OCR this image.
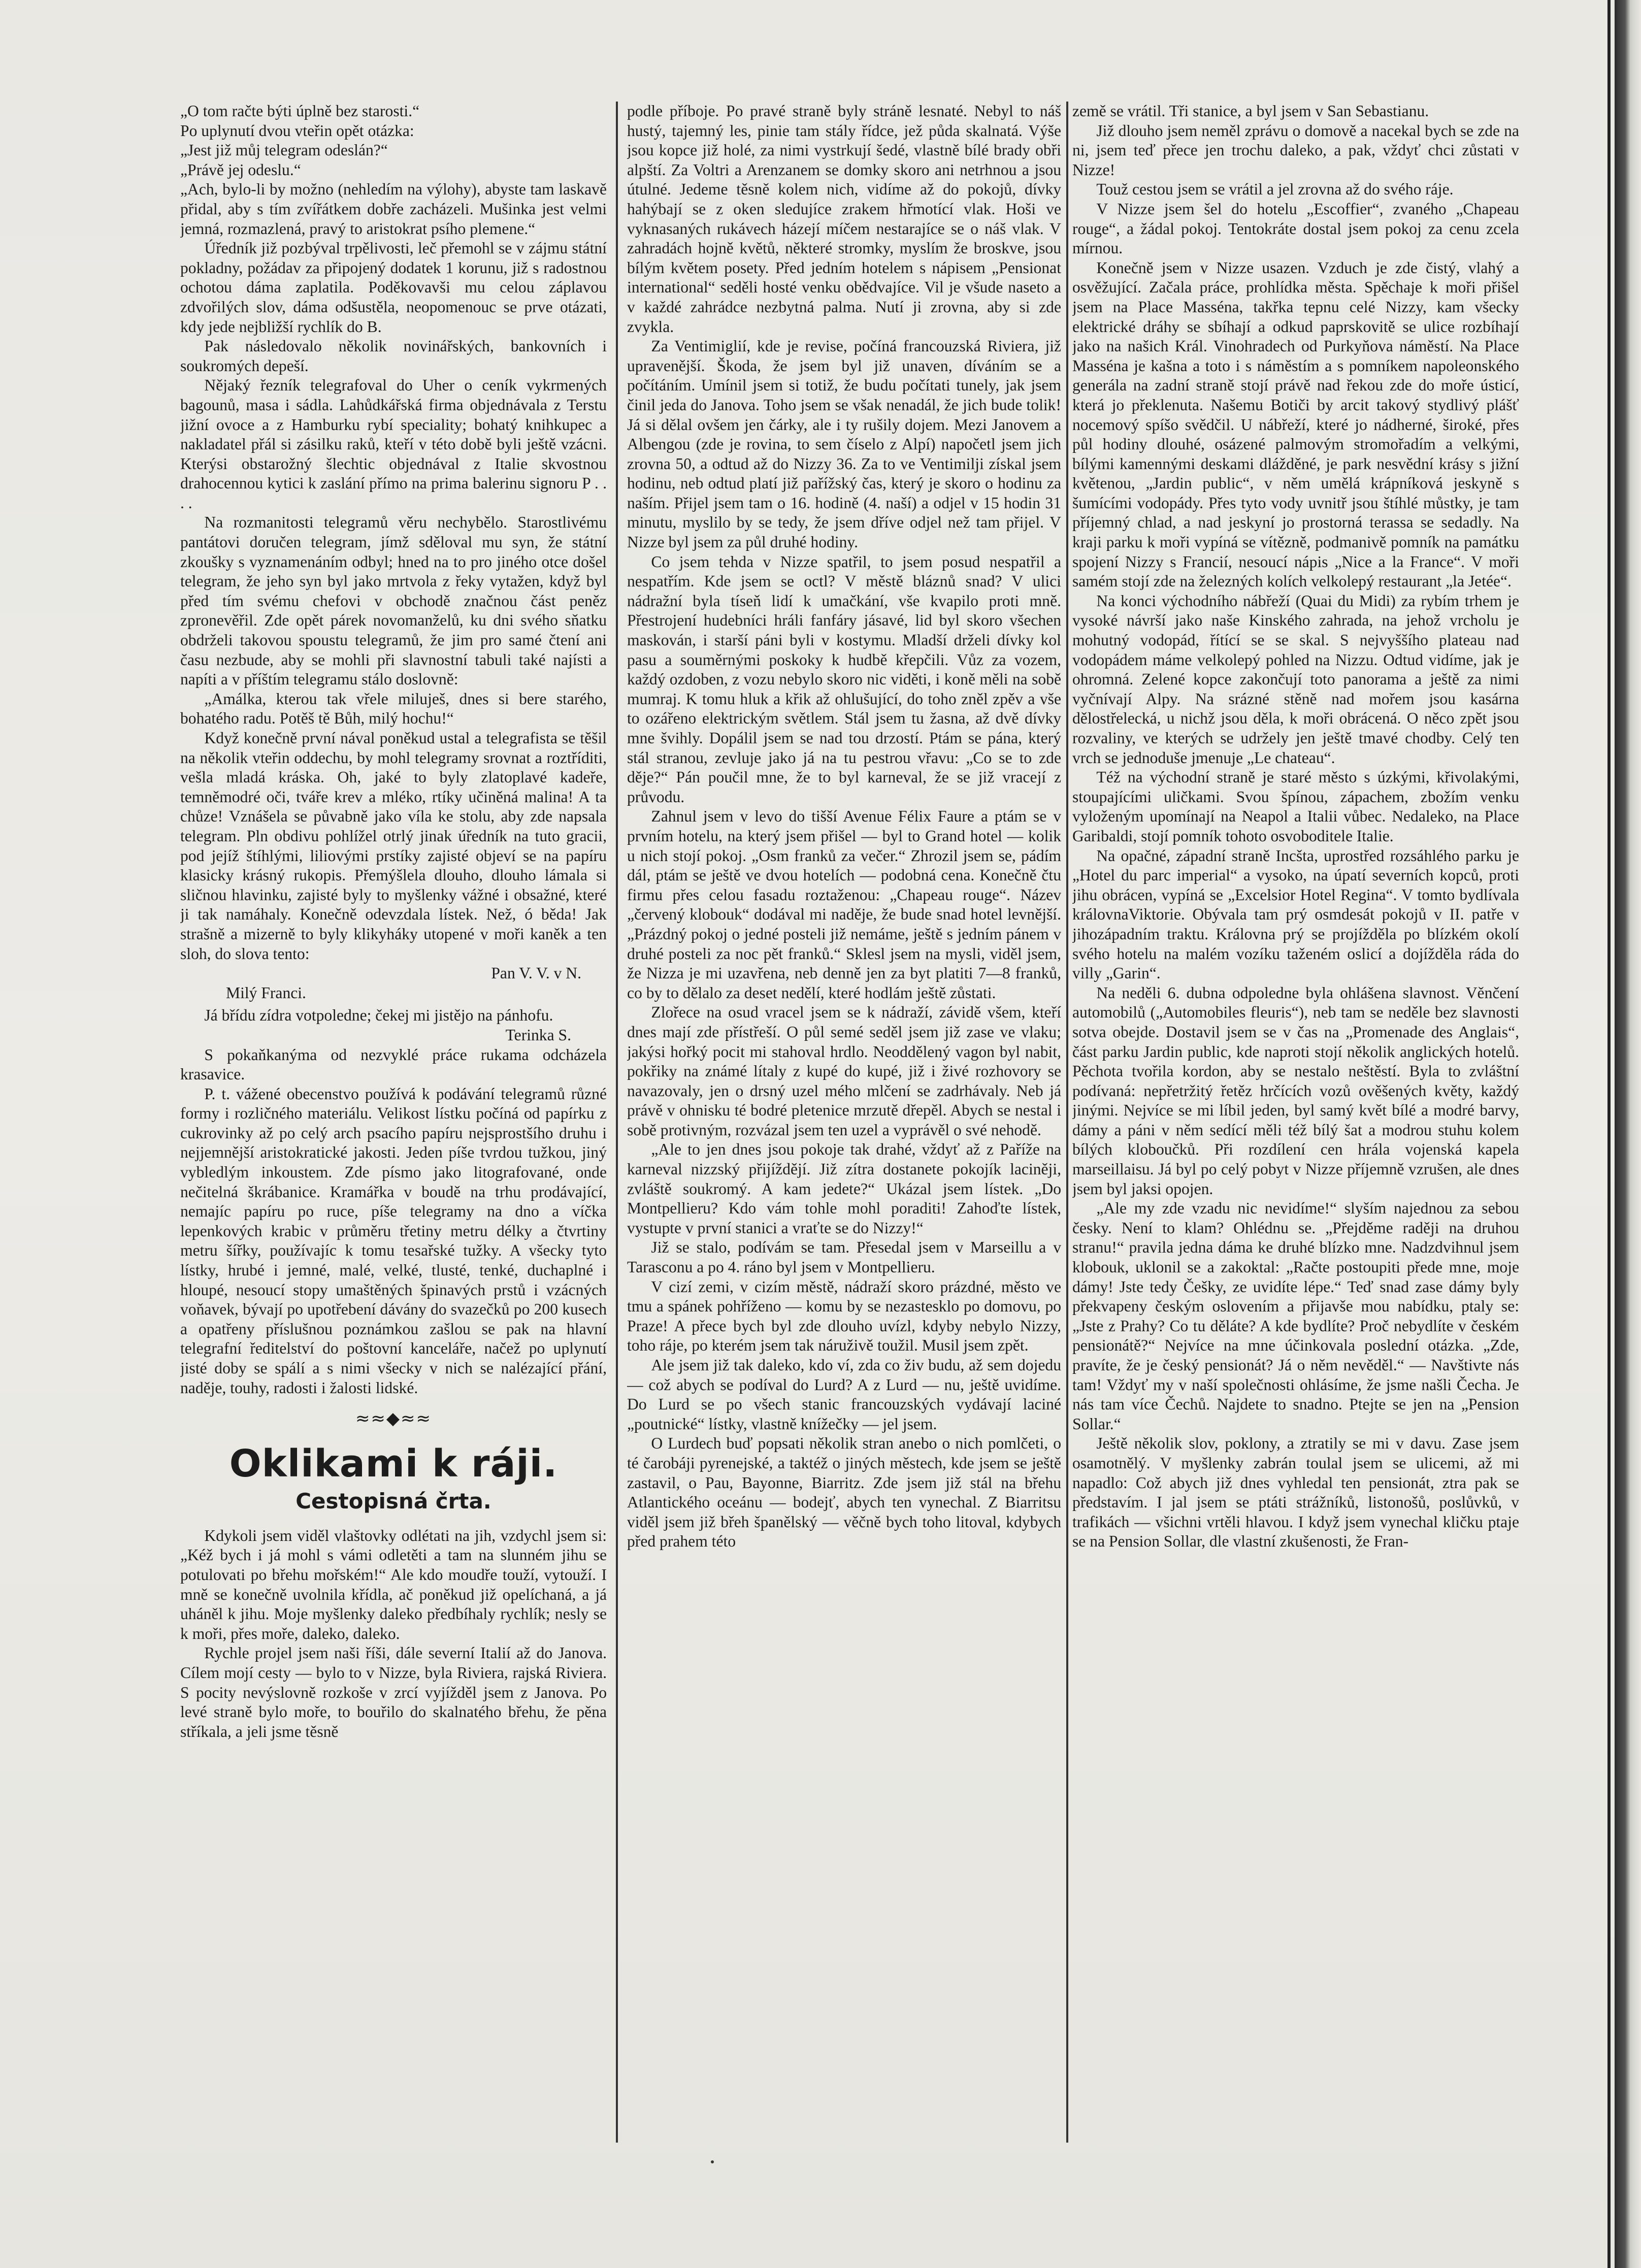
„O tom račte býti úplně bez starosti.“

Po uplynutí dvou vteřin opět otázka:

„Jest již můj telegram odeslán?“

„Právě jej odeslu.“

„Ach, bylo-li by možno (nehledím na výlohy), abyste tam laskavě přidal, aby s tím zvířátkem dobře zacházeli. Mušinka jest velmi jemná, rozmazlená, pravý to aristokrat psího plemene.“

Úředník již pozbýval trpělivosti, leč přemohl se v zájmu státní pokladny, požádav za připojený dodatek 1 korunu, již s radostnou ochotou dáma zaplatila. Poděkovavši mu celou záplavou zdvořilých slov, dáma odšustěla, neopomenouc se prve otázati, kdy jede nejbližší rychlík do B.

Pak následovalo několik novinářských, bankovních i soukromých depeší.

Nějaký řezník telegrafoval do Uher o ceník vykrmených bagounů, masa i sádla. Lahůdkářská firma objednávala z Terstu jižní ovoce a z Hamburku rybí speciality; bohatý knihkupec a nakladatel přál si zásilku raků, kteří v této době byli ještě vzácni. Kterýsi obstarožný šlechtic objednával z Italie skvostnou drahocennou kytici k zaslání přímo na prima balerinu signoru P . . . .

Na rozmanitosti telegramů věru nechybělo. Starostlivému pantátovi doručen telegram, jímž sděloval mu syn, že státní zkoušky s vyznamenáním odbyl; hned na to pro jiného otce došel telegram, že jeho syn byl jako mrtvola z řeky vytažen, když byl před tím svému chefovi v obchodě značnou část peněz zpronevěřil. Zde opět párek novomanželů, ku dni svého sňatku obdrželi takovou spoustu telegramů, že jim pro samé čtení ani času nezbude, aby se mohli při slavnostní tabuli také najísti a napíti a v příštím telegramu stálo doslovně:

„Amálka, kterou tak vřele miluješ, dnes si bere starého, bohatého radu. Potěš tě Bůh, milý hochu!“

Když konečně první nával poněkud ustal a telegrafista se těšil na několik vteřin oddechu, by mohl telegramy srovnat a roztříditi, vešla mladá kráska. Oh, jaké to byly zlatoplavé kadeře, temněmodré oči, tváře krev a mléko, rtíky učiněná malina! A ta chůze! Vznášela se půvabně jako víla ke stolu, aby zde napsala telegram. Pln obdivu pohlížel otrlý jinak úředník na tuto gracii, pod jejíž štíhlými, liliovými prstíky zajisté objeví se na papíru klasicky krásný rukopis. Přemýšlela dlouho, dlouho lámala si sličnou hlavinku, zajisté byly to myšlenky vážné i obsažné, které ji tak namáhaly. Konečně odevzdala lístek. Než, ó běda! Jak strašně a mizerně to byly klikyháky utopené v moři kaněk a ten sloh, do slova tento:

Pan V. V. v N.

Milý Franci.

Já břídu zídra votpoledne; čekej mi jistějo na pánhofu.

Terinka S.

S pokaňkanýma od nezvyklé práce rukama odcházela krasavice.

P. t. vážené obecenstvo používá k podávání telegramů různé formy i rozličného materiálu. Velikost lístku počíná od papírku z cukrovinky až po celý arch psacího papíru nejsprostšího druhu i nejjemnější aristokratické jakosti. Jeden píše tvrdou tužkou, jiný vybledlým inkoustem. Zde písmo jako litografované, onde nečitelná škrábanice. Kramářka v boudě na trhu prodávající, nemajíc papíru po ruce, píše telegramy na dno a víčka lepenkových krabic v průměru třetiny metru délky a čtvrtiny metru šířky, používajíc k tomu tesařské tužky. A všecky tyto lístky, hrubé i jemné, malé, velké, tlusté, tenké, duchaplné i hloupé, nesoucí stopy umaštěných špinavých prstů i vzácných voňavek, bývají po upotřebení dávány do svazečků po 200 kusech a opatřeny příslušnou poznámkou zašlou se pak na hlavní telegrafní ředitelství do poštovní kanceláře, načež po uplynutí jisté doby se spálí a s nimi všecky v nich se nalézající přání, naděje, touhy, radosti i žalosti lidské.

≈≈◆≈≈
Oklikami k ráji.
Cestopisná črta.

Kdykoli jsem viděl vlaštovky odlétati na jih, vzdychl jsem si: „Kéž bych i já mohl s vámi odletěti a tam na slunném jihu se potulovati po břehu mořském!“ Ale kdo moudře touží, vytouží. I mně se konečně uvolnila křídla, ač poněkud již opelíchaná, a já uháněl k jihu. Moje myšlenky daleko předbíhaly rychlík; nesly se k moři, přes moře, daleko, daleko.

Rychle projel jsem naši říši, dále severní Italií až do Janova. Cílem mojí cesty — bylo to v Nizze, byla Riviera, rajská Riviera. S pocity nevýslovně rozkoše v zrcí vyjížděl jsem z Janova. Po levé straně bylo moře, to bouřilo do skalnatého břehu, že pěna stříkala, a jeli jsme těsně

podle příboje. Po pravé straně byly stráně lesnaté. Nebyl to náš hustý, tajemný les, pinie tam stály řídce, jež půda skalnatá. Výše jsou kopce již holé, za nimi vystrkují šedé, vlastně bílé brady obři alpští. Za Voltri a Arenzanem se domky skoro ani netrhnou a jsou útulné. Jedeme těsně kolem nich, vidíme až do pokojů, dívky hahýbají se z oken sledujíce zrakem hřmotící vlak. Hoši ve vyknasaných rukávech házejí míčem nestarajíce se o náš vlak. V zahradách hojně květů, některé stromky, myslím že broskve, jsou bílým květem posety. Před jedním hotelem s nápisem „Pensionat international“ seděli hosté venku obědvajíce. Vil je všude naseto a v každé zahrádce nezbytná palma. Nutí ji zrovna, aby si zde zvykla.

Za Ventimiglií, kde je revise, počíná francouzská Riviera, již upravenější. Škoda, že jsem byl již unaven, díváním se a počítáním. Umínil jsem si totiž, že budu počítati tunely, jak jsem činil jeda do Janova. Toho jsem se však nenadál, že jich bude tolik! Já si dělal ovšem jen čárky, ale i ty rušily dojem. Mezi Janovem a Albengou (zde je rovina, to sem číselo z Alpí) napočetl jsem jich zrovna 50, a odtud až do Nizzy 36. Za to ve Ventimilji získal jsem hodinu, neb odtud platí již pařížský čas, který je skoro o hodinu za naším. Přijel jsem tam o 16. hodině (4. naší) a odjel v 15 hodin 31 minutu, myslilo by se tedy, že jsem dříve odjel než tam přijel. V Nizze byl jsem za půl druhé hodiny.

Co jsem tehda v Nizze spatřil, to jsem posud nespatřil a nespatřím. Kde jsem se octl? V městě bláznů snad? V ulici nádražní byla tíseň lidí k umačkání, vše kvapilo proti mně. Přestrojení hudebníci hráli fanfáry jásavé, lid byl skoro všechen maskován, i starší páni byli v kostymu. Mladší drželi dívky kol pasu a souměrnými poskoky k hudbě křepčili. Vůz za vozem, každý ozdoben, z vozu nebylo skoro nic viděti, i koně měli na sobě mumraj. K tomu hluk a křik až ohlušující, do toho zněl zpěv a vše to ozářeno elektrickým světlem. Stál jsem tu žasna, až dvě dívky mne švihly. Dopálil jsem se nad tou drzostí. Ptám se pána, který stál stranou, zevluje jako já na tu pestrou vřavu: „Co se to zde děje?“ Pán poučil mne, že to byl karneval, že se již vracejí z průvodu.

Zahnul jsem v levo do tišší Avenue Félix Faure a ptám se v prvním hotelu, na který jsem přišel — byl to Grand hotel — kolik u nich stojí pokoj. „Osm franků za večer.“ Zhrozil jsem se, pádím dál, ptám se ještě ve dvou hotelích — podobná cena. Konečně čtu firmu přes celou fasadu roztaženou: „Chapeau rouge“. Název „červený klobouk“ dodával mi naděje, že bude snad hotel levnější. „Prázdný pokoj o jedné posteli již nemáme, ještě s jedním pánem v druhé posteli za noc pět franků.“ Sklesl jsem na mysli, viděl jsem, že Nizza je mi uzavřena, neb denně jen za byt platiti 7—8 franků, co by to dělalo za deset nedělí, které hodlám ještě zůstati.

Zlořece na osud vracel jsem se k nádraží, závidě všem, kteří dnes mají zde přístřeší. O půl semé seděl jsem již zase ve vlaku; jakýsi hořký pocit mi stahoval hrdlo. Neoddělený vagon byl nabit, pokřiky na známé lítaly z kupé do kupé, již i živé rozhovory se navazovaly, jen o drsný uzel mého mlčení se zadrhávaly. Neb já právě v ohnisku té bodré pletenice mrzutě dřepěl. Abych se nestal i sobě protivným, rozvázal jsem ten uzel a vyprávěl o své nehodě.

„Ale to jen dnes jsou pokoje tak drahé, vždyť až z Paříže na karneval nizzský přijíždějí. Již zítra dostanete pokojík laciněji, zvláště soukromý. A kam jedete?“ Ukázal jsem lístek. „Do Montpellieru? Kdo vám tohle mohl poraditi! Zahoďte lístek, vystupte v první stanici a vraťte se do Nizzy!“

Již se stalo, podívám se tam. Přesedal jsem v Marseillu a v Tarasconu a po 4. ráno byl jsem v Montpellieru.

V cizí zemi, v cizím městě, nádraží skoro prázdné, město ve tmu a spánek pohříženo — komu by se nezastesklo po domovu, po Praze! A přece bych byl zde dlouho uvízl, kdyby nebylo Nizzy, toho ráje, po kterém jsem tak náruživě toužil. Musil jsem zpět.

Ale jsem již tak daleko, kdo ví, zda co živ budu, až sem dojedu — což abych se podíval do Lurd? A z Lurd — nu, ještě uvidíme. Do Lurd se po všech stanic francouzských vydávají laciné „poutnické“ lístky, vlastně knížečky — jel jsem.

O Lurdech buď popsati několik stran anebo o nich pomlčeti, o té čarobáji pyrenejské, a taktéž o jiných městech, kde jsem se ještě zastavil, o Pau, Bayonne, Biarritz. Zde jsem již stál na břehu Atlantického oceánu — bodejť, abych ten vynechal. Z Biarritsu viděl jsem již břeh španělský — věčně bych toho litoval, kdybych před prahem této

země se vrátil. Tři stanice, a byl jsem v San Sebastianu.

Již dlouho jsem neměl zprávu o domově a nacekal bych se zde na ni, jsem teď přece jen trochu daleko, a pak, vždyť chci zůstati v Nizze!

Touž cestou jsem se vrátil a jel zrovna až do svého ráje.

V Nizze jsem šel do hotelu „Escoffier“, zvaného „Chapeau rouge“, a žádal pokoj. Tentokráte dostal jsem pokoj za cenu zcela mírnou.

Konečně jsem v Nizze usazen. Vzduch je zde čistý, vlahý a osvěžující. Začala práce, prohlídka města. Spěchaje k moři přišel jsem na Place Masséna, takřka tepnu celé Nizzy, kam všecky elektrické dráhy se sbíhají a odkud paprskovitě se ulice rozbíhají jako na našich Král. Vinohradech od Purkyňova náměstí. Na Place Masséna je kašna a toto i s náměstím a s pomníkem napoleonského generála na zadní straně stojí právě nad řekou zde do moře ústicí, která jo překlenuta. Našemu Botiči by arcit takový stydlivý plášť nocemový spíšo svědčil. U nábřeží, které jo nádherné, široké, přes půl hodiny dlouhé, osázené palmovým stromořadím a velkými, bílými kamennými deskami dlážděné, je park nesvědní krásy s jižní květenou, „Jardin public“, v něm umělá krápníková jeskyně s šumícími vodopády. Přes tyto vody uvnitř jsou štíhlé můstky, je tam příjemný chlad, a nad jeskyní jo prostorná terassa se sedadly. Na kraji parku k moři vypíná se vítězně, podmanivě pomník na památku spojení Nizzy s Francií, nesoucí nápis „Nice a la France“. V moři samém stojí zde na železných kolích velkolepý restaurant „la Jetée“.

Na konci východního nábřeží (Quai du Midi) za rybím trhem je vysoké návrší jako naše Kinského zahrada, na jehož vrcholu je mohutný vodopád, řítící se se skal. S nejvyššího plateau nad vodopádem máme velkolepý pohled na Nizzu. Odtud vidíme, jak je ohromná. Zelené kopce zakončují toto panorama a ještě za nimi vyčnívají Alpy. Na srázné stěně nad mořem jsou kasárna dělostřelecká, u nichž jsou děla, k moři obrácená. O něco zpět jsou rozvaliny, ve kterých se udržely jen ještě tmavé chodby. Celý ten vrch se jednoduše jmenuje „Le chateau“.

Též na východní straně je staré město s úzkými, křivolakými, stoupajícími uličkami. Svou špínou, zápachem, zbožím venku vyloženým upomínají na Neapol a Italii vůbec. Nedaleko, na Place Garibaldi, stojí pomník tohoto osvoboditele Italie.

Na opačné, západní straně Incšta, uprostřed rozsáhlého parku je „Hotel du parc imperial“ a vysoko, na úpatí severních kopců, proti jihu obrácen, vypíná se „Excelsior Hotel Regina“. V tomto bydlívala královnaViktorie. Obývala tam prý osmdesát pokojů v II. patře v jihozápadním traktu. Královna prý se projížděla po blízkém okolí svého hotelu na malém vozíku taženém oslicí a dojížděla ráda do villy „Garin“.

Na neděli 6. dubna odpoledne byla ohlášena slavnost. Věnčení automobilů („Automobiles fleuris“), neb tam se neděle bez slavnosti sotva obejde. Dostavil jsem se v čas na „Promenade des Anglais“, část parku Jardin public, kde naproti stojí několik anglických hotelů. Pěchota tvořila kordon, aby se nestalo neštěstí. Byla to zvláštní podívaná: nepřetržitý řetěz hrčících vozů ověšených květy, každý jinými. Nejvíce se mi líbil jeden, byl samý květ bílé a modré barvy, dámy a páni v něm sedící měli též bílý šat a modrou stuhu kolem bílých kloboučků. Při rozdílení cen hrála vojenská kapela marseillaisu. Já byl po celý pobyt v Nizze příjemně vzrušen, ale dnes jsem byl jaksi opojen.

„Ale my zde vzadu nic nevidíme!“ slyším najednou za sebou česky. Není to klam? Ohlédnu se. „Přejděme raději na druhou stranu!“ pravila jedna dáma ke druhé blízko mne. Nadzdvihnul jsem klobouk, uklonil se a zakoktal: „Račte postoupiti přede mne, moje dámy! Jste tedy Češky, ze uvidíte lépe.“ Teď snad zase dámy byly překvapeny českým oslovením a přijavše mou nabídku, ptaly se: „Jste z Prahy? Co tu děláte? A kde bydlíte? Proč nebydlíte v českém pensionátě?“ Nejvíce na mne účinkovala poslední otázka. „Zde, pravíte, že je český pensionát? Já o něm nevěděl.“ — Navštivte nás tam! Vždyť my v naší společnosti ohlásíme, že jsme našli Čecha. Je nás tam více Čechů. Najdete to snadno. Ptejte se jen na „Pension Sollar.“

Ještě několik slov, poklony, a ztratily se mi v davu. Zase jsem osamotnělý. V myšlenky zabrán toulal jsem se ulicemi, až mi napadlo: Což abych již dnes vyhledal ten pensionát, ztra pak se představím. I jal jsem se ptáti strážníků, listonošů, poslůvků, v trafikách — všichni vrtěli hlavou. I když jsem vynechal kličku ptaje se na Pension Sollar, dle vlastní zkušenosti, že Fran-
